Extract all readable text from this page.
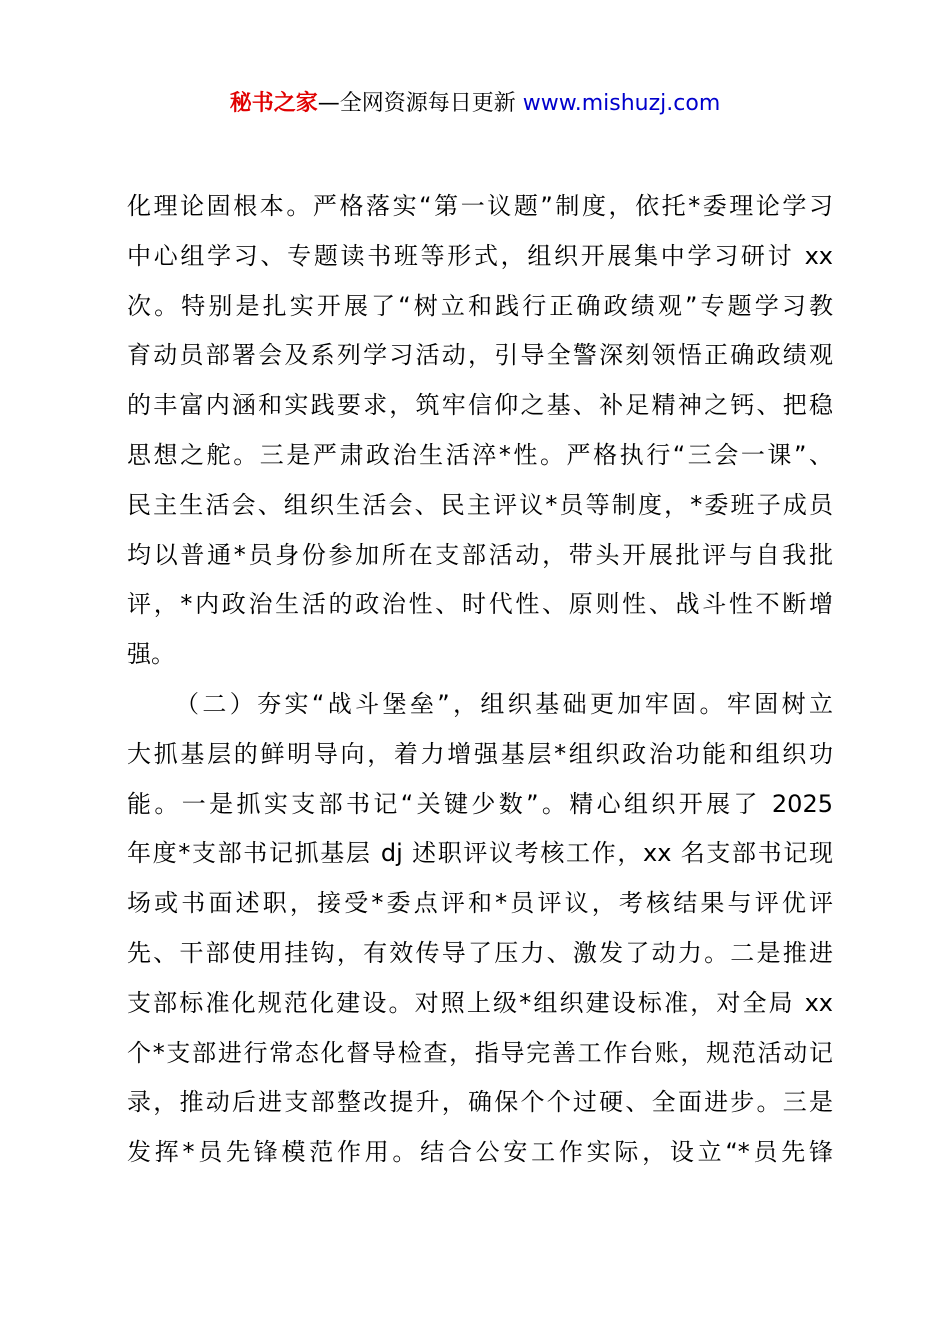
秘书之家—全网资源每日更新 www.mishuzj.com
化理论固根本。严格落实“第一议题”制度，依托*委理论学习
中心组学习、专题读书班等形式，组织开展集中学习研讨 xx
次。特别是扎实开展了“树立和践行正确政绩观”专题学习教
育动员部署会及系列学习活动，引导全警深刻领悟正确政绩观
的丰富内涵和实践要求，筑牢信仰之基、补足精神之钙、把稳
思想之舵。三是严肃政治生活淬*性。严格执行“三会一课”、
民主生活会、组织生活会、民主评议*员等制度，*委班子成员
均以普通*员身份参加所在支部活动，带头开展批评与自我批
评，*内政治生活的政治性、时代性、原则性、战斗性不断增
强。
（二）夯实“战斗堡垒”，组织基础更加牢固。牢固树立
大抓基层的鲜明导向，着力增强基层*组织政治功能和组织功
能。一是抓实支部书记“关键少数”。精心组织开展了 2025
年度*支部书记抓基层 dj 述职评议考核工作，xx 名支部书记现
场或书面述职，接受*委点评和*员评议，考核结果与评优评
先、干部使用挂钩，有效传导了压力、激发了动力。二是推进
支部标准化规范化建设。对照上级*组织建设标准，对全局 xx
个*支部进行常态化督导检查，指导完善工作台账，规范活动记
录，推动后进支部整改提升，确保个个过硬、全面进步。三是
发挥*员先锋模范作用。结合公安工作实际，设立“*员先锋
